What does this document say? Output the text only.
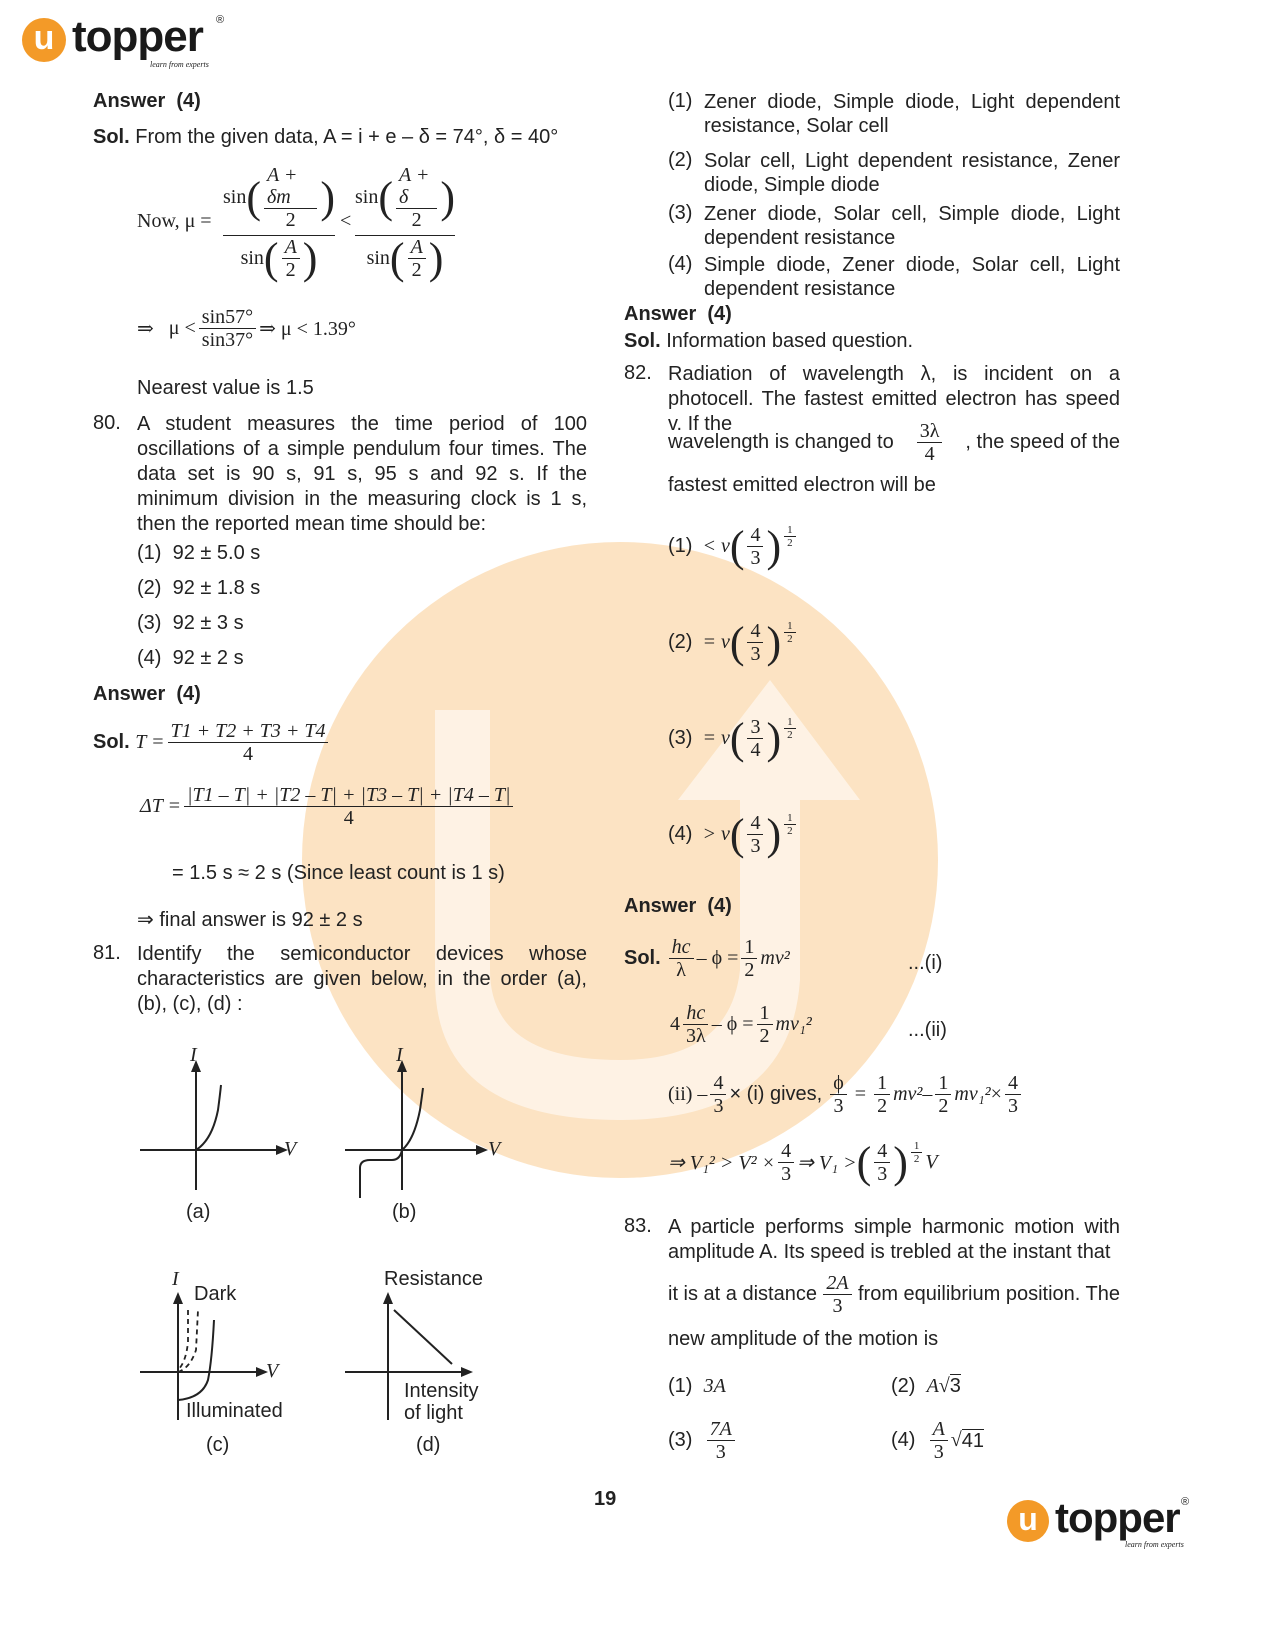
u topper ®
learn from experts
Answer (4)
Sol. From the given data, A = i + e – δ = 74°, δ = 40°
Now, μ =
sin ( $\frac{A + \delta m}{2}$ )
sin ( $\frac{A}{2}$ )
<
sin ( $\frac{A + \delta}{2}$ )
sin ( $\frac{A}{2}$ )
⇒
$\mu < \frac{\sin 57^\circ}{\sin 37^\circ}$ ⇒ μ < 1.39°
Nearest value is 1.5
80. A student measures the time period of 100 oscillations of a simple pendulum four times. The data set is 90 s, 91 s, 95 s and 92 s. If the minimum division in the measuring clock is 1 s, then the reported mean time should be:
(1) 92 ± 5.0 s
(2) 92 ± 1.8 s
(3) 92 ± 3 s
(4) 92 ± 2 s
Answer (4)
Sol.
$T = \frac{T1 + T2 + T3 + T4}{4}$
$\Delta T = \frac{|T1 - T| + |T2 - T| + |T3 - T| + |T4 - T|}{4}$
= 1.5 s ≈ 2 s (Since least count is 1 s)
⇒ final answer is 92 ± 2 s
81. Identify the semiconductor devices whose characteristics are given below, in the order (a), (b), (c), (d) :
I
V
(a)
I
V
(b)
I
Dark
V
Illuminated
(c)
Resistance
Intensity
of light
(d)
(1) Zener diode, Simple diode, Light dependent resistance, Solar cell
(2) Solar cell, Light dependent resistance, Zener diode, Simple diode
(3) Zener diode, Solar cell, Simple diode, Light dependent resistance
(4) Simple diode, Zener diode, Solar cell, Light dependent resistance
Answer (4)
Sol. Information based question.
82. Radiation of wavelength λ, is incident on a photocell. The fastest emitted electron has speed v. If the
wavelength is changed to $\frac{3\lambda}{4}$ , the speed of the
fastest emitted electron will be
(1)
< v ( $\frac{4}{3}$ ) $\frac{1}{2}$
(2)
= v ( $\frac{4}{3}$ ) $\frac{1}{2}$
(3)
= v ( $\frac{3}{4}$ ) $\frac{1}{2}$
(4)
> v ( $\frac{4}{3}$ ) $\frac{1}{2}$
Answer (4)
Sol.
$\frac{hc}{\lambda} - \phi = \frac{1}{2} mv^2$	...(i)
$4 \frac{hc}{3\lambda} - \phi = \frac{1}{2} mv_1^2$	...(ii)
$(ii) - \frac{4}{3} \times (i)$ gives,
$\frac{\phi}{3}$
=
$\frac{1}{2} mv^2 - \frac{1}{2} mv_1^2 \times \frac{4}{3}$
⇒ $V_1^2 > V^2 \times \frac{4}{3}$ ⇒ V₁ > ( $\frac{4}{3}$ ) $\frac{1}{2}$ V
83. A particle performs simple harmonic motion with amplitude A. Its speed is trebled at the instant that
it is at a distance $\frac{2A}{3}$ from equilibrium position. The
new amplitude of the motion is
(1) 3A	(2) A√3
(3)
$\frac{7A}{3}$	(4)
$\frac{A}{3}$ √ 41
19
u topper ®
learn from experts
